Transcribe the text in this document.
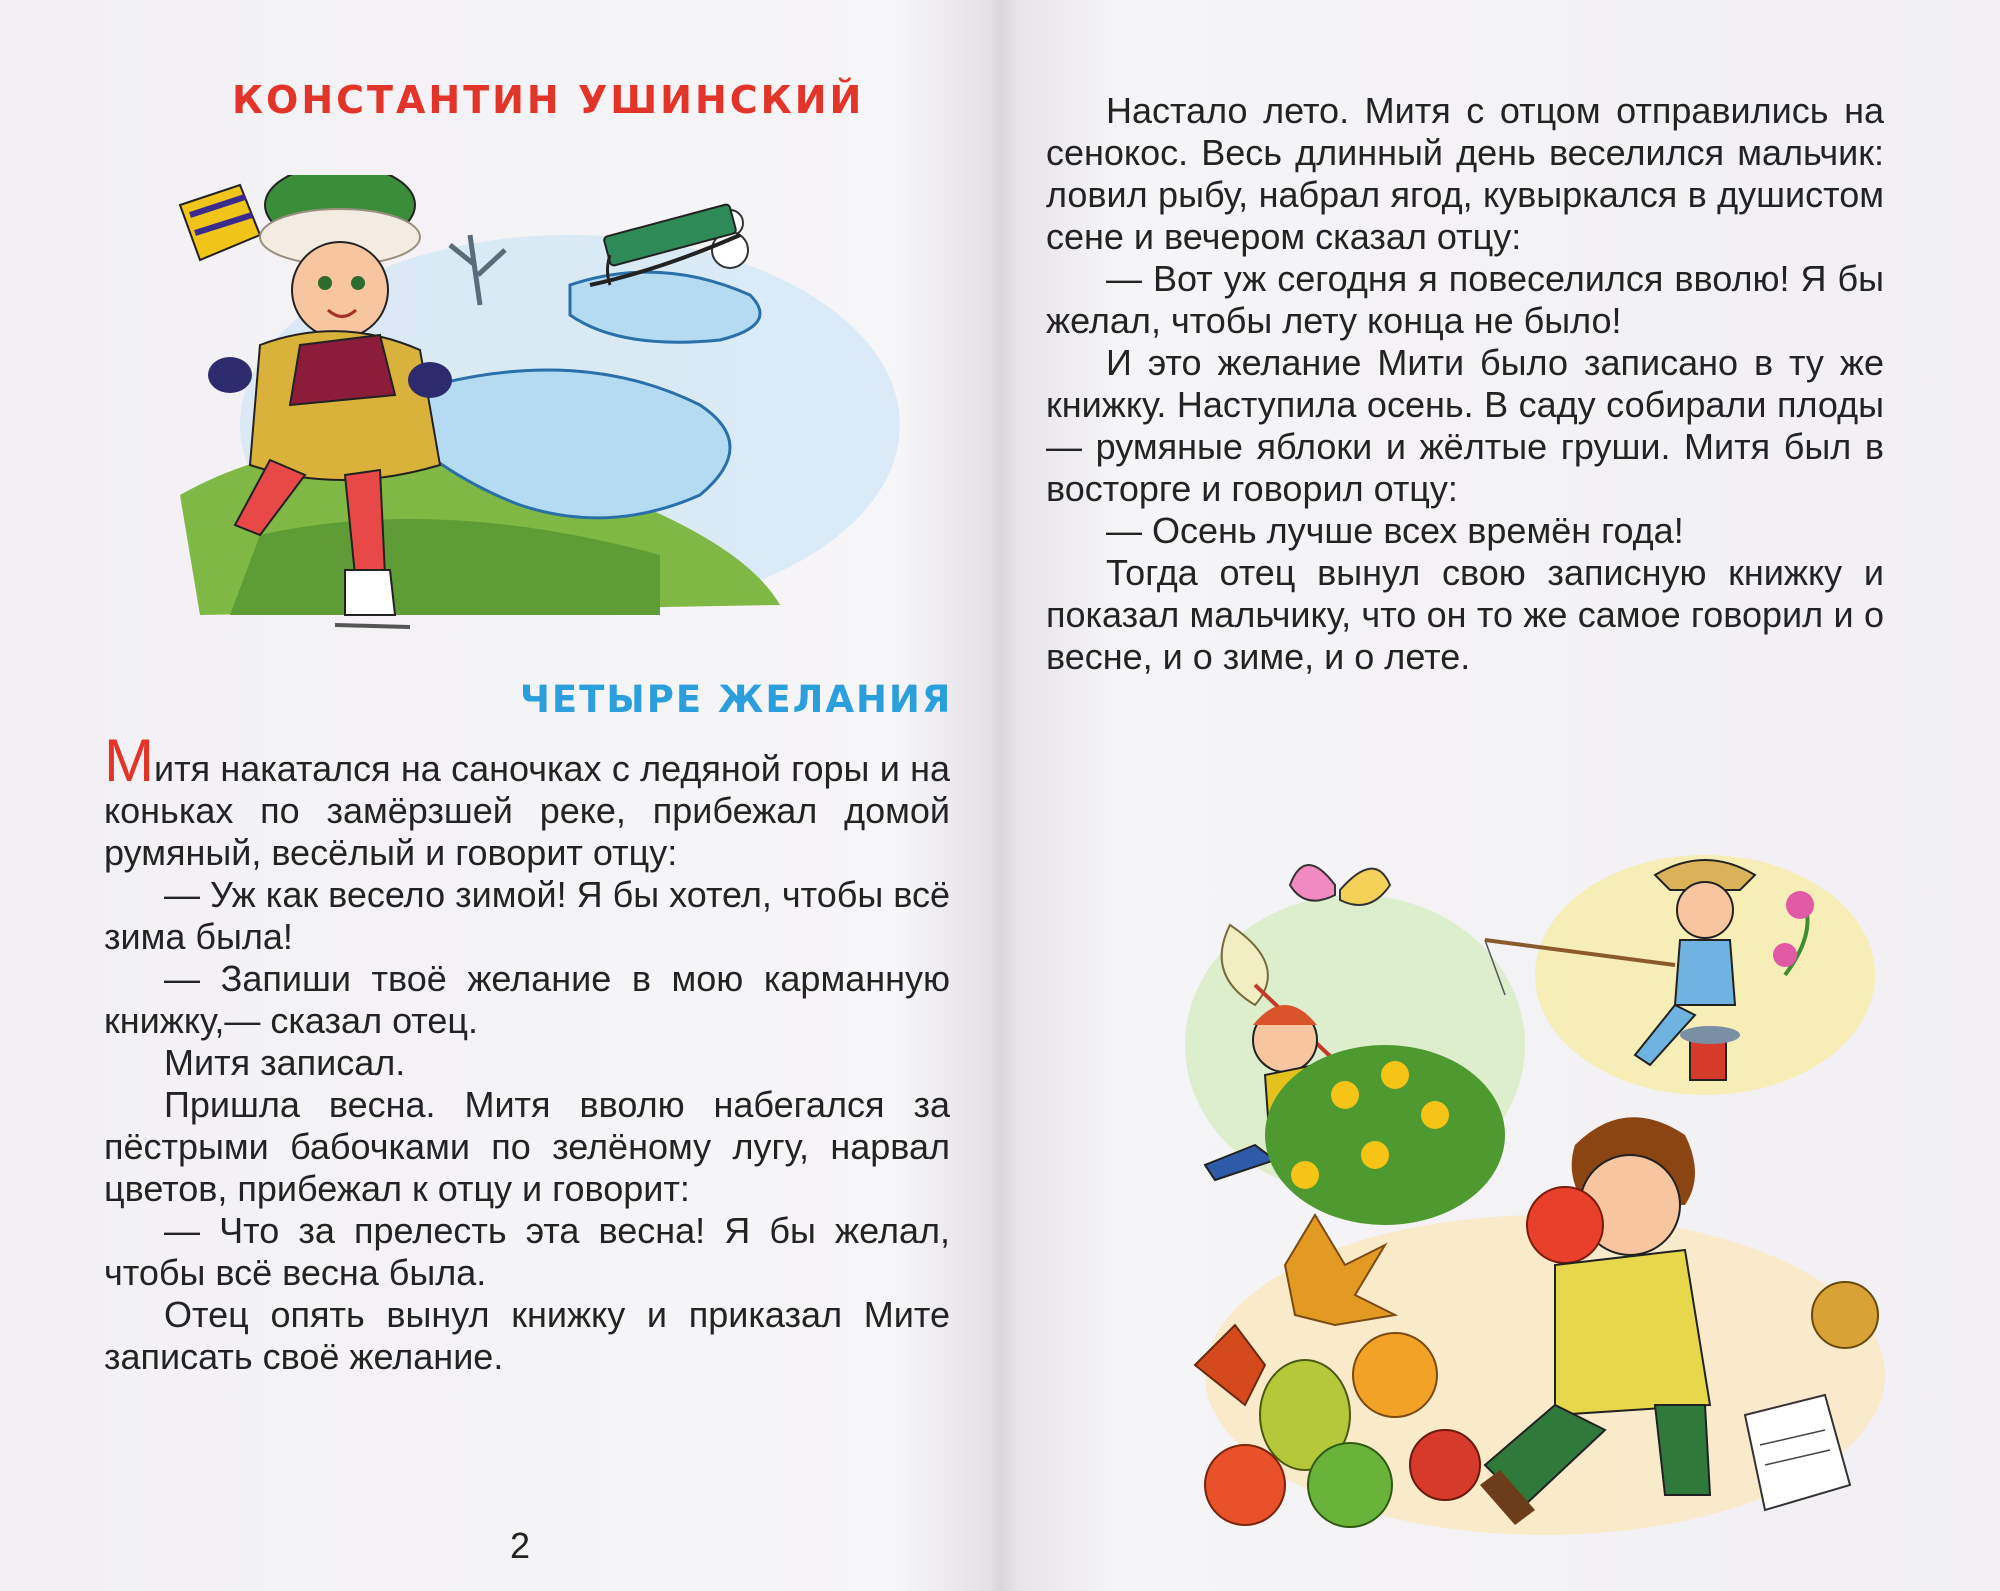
КОНСТАНТИН УШИНСКИЙ
ЧЕТЫРЕ ЖЕЛАНИЯ

Митя накатался на саночках с ледяной горы и на коньках по замёрзшей реке, прибежал домой румяный, весёлый и говорит отцу:

— Уж как весело зимой! Я бы хотел, чтобы всё зима была!

— Запиши твоё желание в мою карманную книжку,— сказал отец.

Митя записал.

Пришла весна. Митя вволю набегался за пёстрыми бабочками по зелёному лугу, нарвал цветов, прибежал к отцу и говорит:

— Что за прелесть эта весна! Я бы желал, чтобы всё весна была.

Отец опять вынул книжку и приказал Мите записать своё желание.

2

Настало лето. Митя с отцом отправились на сенокос. Весь длинный день веселился мальчик: ловил рыбу, набрал ягод, кувыркался в душистом сене и вечером сказал отцу:

— Вот уж сегодня я повеселился вволю! Я бы желал, чтобы лету конца не было!

И это желание Мити было записано в ту же книжку. Наступила осень. В саду собирали плоды — румяные яблоки и жёлтые груши. Митя был в восторге и говорил отцу:

— Осень лучше всех времён года!

Тогда отец вынул свою записную книжку и показал мальчику, что он то же самое говорил и о весне, и о зиме, и о лете.
